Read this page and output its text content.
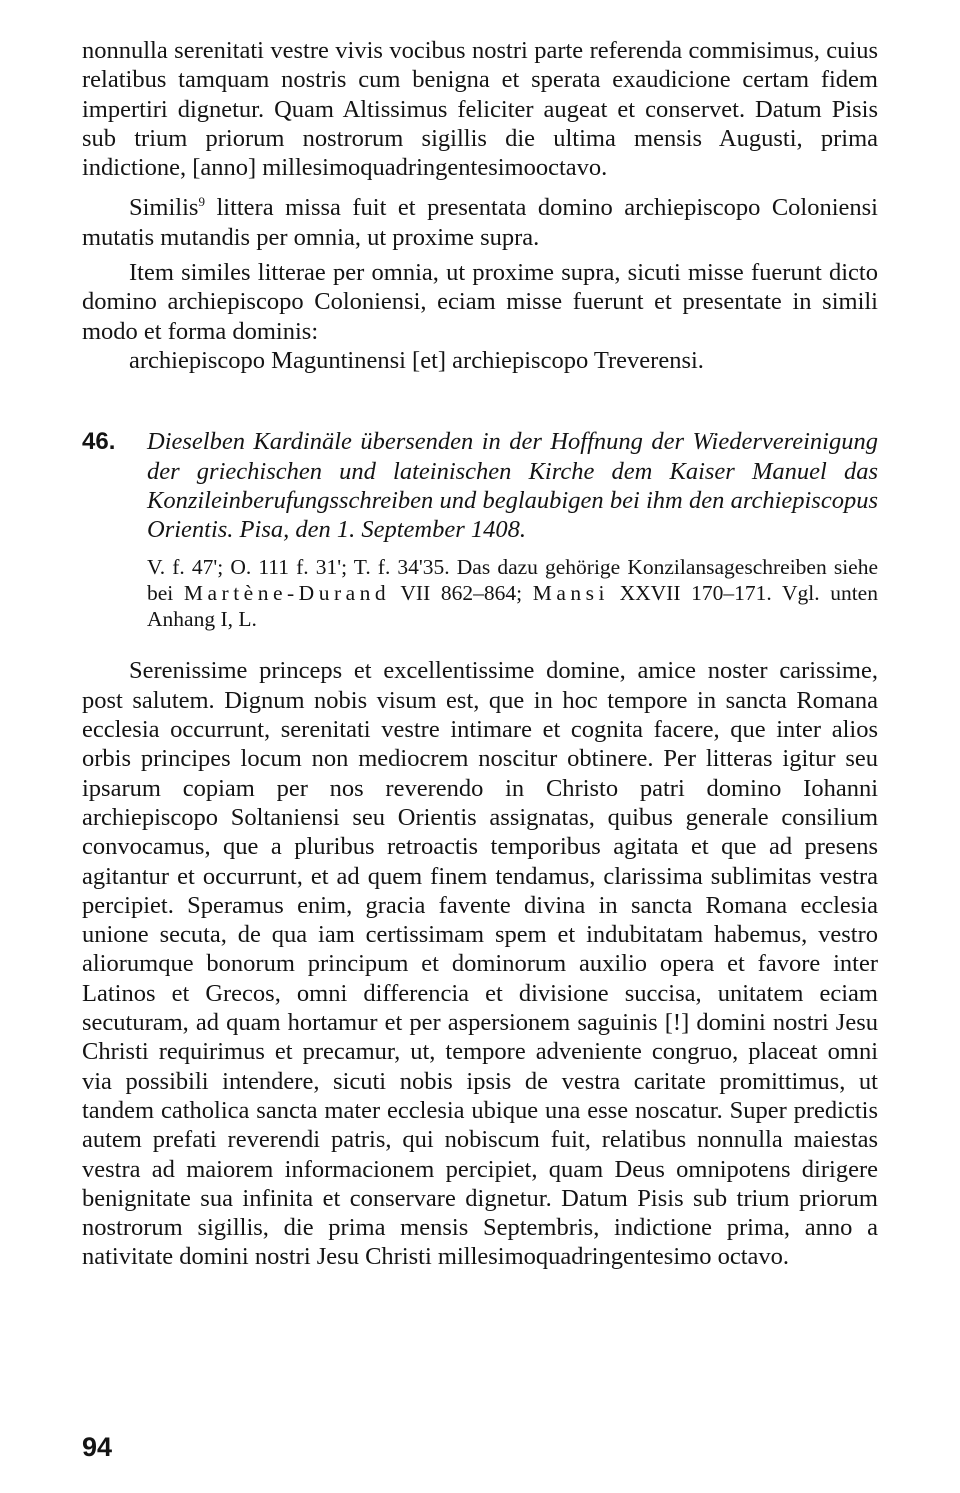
nonnulla serenitati vestre vivis vocibus nostri parte referenda commisimus, cuius relatibus tamquam nostris cum benigna et sperata exaudicione certam fidem impertiri dignetur. Quam Altissimus feliciter augeat et conservet. Datum Pisis sub trium priorum nostrorum sigillis die ultima mensis Augusti, prima indictione, [anno] millesimoquadringentesimooctavo.

Similis$^9$ littera missa fuit et presentata domino archiepiscopo Coloniensi mutatis mutandis per omnia, ut proxime supra.

Item similes litterae per omnia, ut proxime supra, sicuti misse fuerunt dicto domino archiepiscopo Coloniensi, eciam misse fuerunt et presentate in simili modo et forma dominis:

archiepiscopo Maguntinensi [et] archiepiscopo Treverensi.

46. Dieselben Kardinäle übersenden in der Hoffnung der Wiedervereinigung der griechischen und lateinischen Kirche dem Kaiser Manuel das Konzileinberufungsschreiben und beglaubigen bei ihm den archiepiscopus Orientis. Pisa, den 1. September 1408.

V. f. 47'; O. 111 f. 31'; T. f. 34'35. Das dazu gehörige Konzilansageschreiben siehe bei Martène-Durand VII 862–864; Mansi XXVII 170–171. Vgl. unten Anhang I, L.

Serenissime princeps et excellentissime domine, amice noster carissime, post salutem. Dignum nobis visum est, que in hoc tempore in sancta Romana ecclesia occurrunt, serenitati vestre intimare et cognita facere, que inter alios orbis principes locum non mediocrem noscitur obtinere. Per litteras igitur seu ipsarum copiam per nos reverendo in Christo patri domino Iohanni archiepiscopo Soltaniensi seu Orientis assignatas, quibus generale consilium convocamus, que a pluribus retroactis temporibus agitata et que ad presens agitantur et occurrunt, et ad quem finem tendamus, clarissima sublimitas vestra percipiet. Speramus enim, gracia favente divina in sancta Romana ecclesia unione secuta, de qua iam certissimam spem et indubitatam habemus, vestro aliorumque bonorum principum et dominorum auxilio opera et favore inter Latinos et Grecos, omni differencia et divisione succisa, unitatem eciam secuturam, ad quam hortamur et per aspersionem saguinis [!] domini nostri Jesu Christi requirimus et precamur, ut, tempore adveniente congruo, placeat omni via possibili intendere, sicuti nobis ipsis de vestra caritate promittimus, ut tandem catholica sancta mater ecclesia ubique una esse noscatur. Super predictis autem prefati reverendi patris, qui nobiscum fuit, relatibus nonnulla maiestas vestra ad maiorem informacionem percipiet, quam Deus omnipotens dirigere benignitate sua infinita et conservare dignetur. Datum Pisis sub trium priorum nostrorum sigillis, die prima mensis Septembris, indictione prima, anno a nativitate domini nostri Jesu Christi millesimoquadringentesimo octavo.

94
